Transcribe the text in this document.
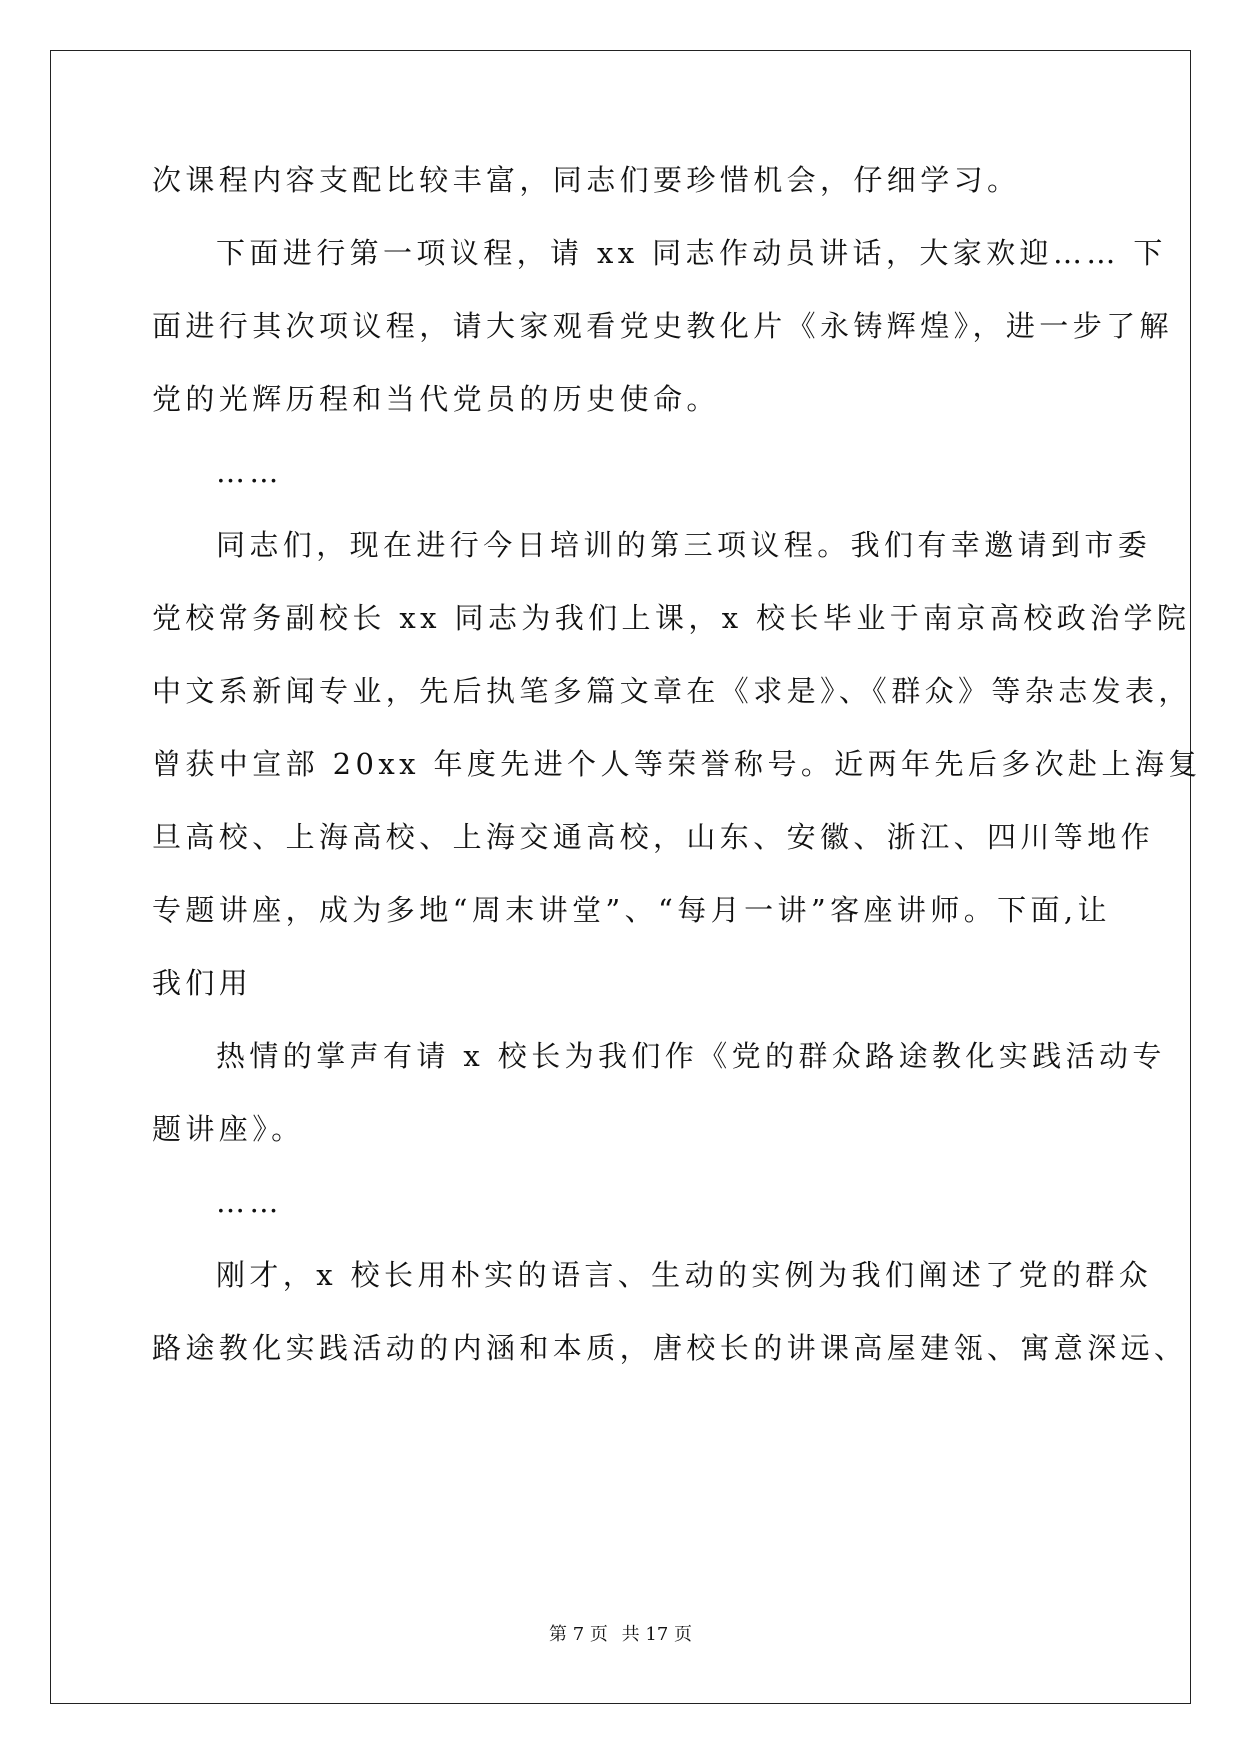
次课程内容支配比较丰富，同志们要珍惜机会，仔细学习。
下面进行第一项议程，请 xx 同志作动员讲话，大家欢迎…… 下
面进行其次项议程，请大家观看党史教化片《永铸辉煌》，进一步了解
党的光辉历程和当代党员的历史使命。
……
同志们，现在进行今日培训的第三项议程。我们有幸邀请到市委
党校常务副校长 xx 同志为我们上课，x 校长毕业于南京高校政治学院
中文系新闻专业，先后执笔多篇文章在《求是》、《群众》等杂志发表，
曾获中宣部 20xx 年度先进个人等荣誉称号。近两年先后多次赴上海复
旦高校、上海高校、上海交通高校，山东、安徽、浙江、四川等地作
专题讲座，成为多地“周末讲堂”、“每月一讲”客座讲师。下面,让
我们用
热情的掌声有请 x 校长为我们作《党的群众路途教化实践活动专
题讲座》。
……
刚才，x 校长用朴实的语言、生动的实例为我们阐述了党的群众
路途教化实践活动的内涵和本质，唐校长的讲课高屋建瓴、寓意深远、
第 7 页 共 17 页
